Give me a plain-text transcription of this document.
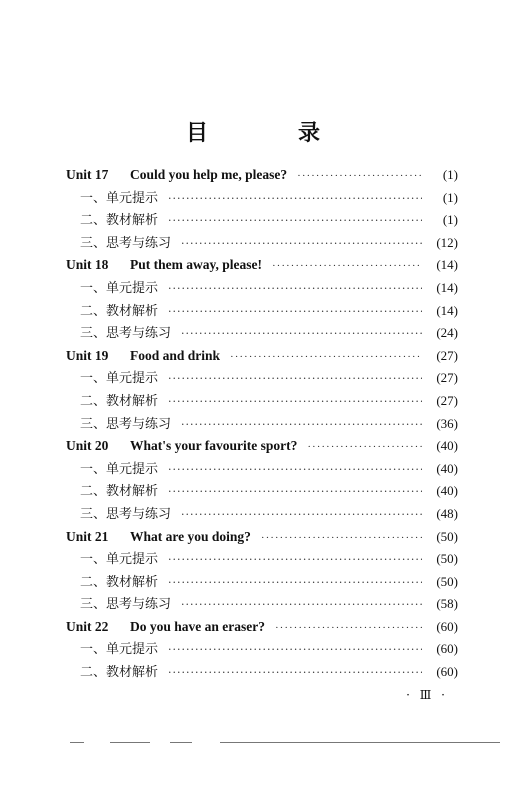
目　录
Unit 17	Could you help me, please? ·····	(1)
一、单元提示 ·····	(1)
二、教材解析 ·····	(1)
三、思考与练习 ·····	(12)
Unit 18	Put them away, please! ·····	(14)
一、单元提示 ·····	(14)
二、教材解析 ·····	(14)
三、思考与练习 ·····	(24)
Unit 19	Food and drink ·····	(27)
一、单元提示 ·····	(27)
二、教材解析 ·····	(27)
三、思考与练习 ·····	(36)
Unit 20	What's your favourite sport? ·····	(40)
一、单元提示 ·····	(40)
二、教材解析 ·····	(40)
三、思考与练习 ·····	(48)
Unit 21	What are you doing? ·····	(50)
一、单元提示 ·····	(50)
二、教材解析 ·····	(50)
三、思考与练习 ·····	(58)
Unit 22	Do you have an eraser? ·····	(60)
一、单元提示 ·····	(60)
二、教材解析 ·····	(60)
· Ⅲ ·
